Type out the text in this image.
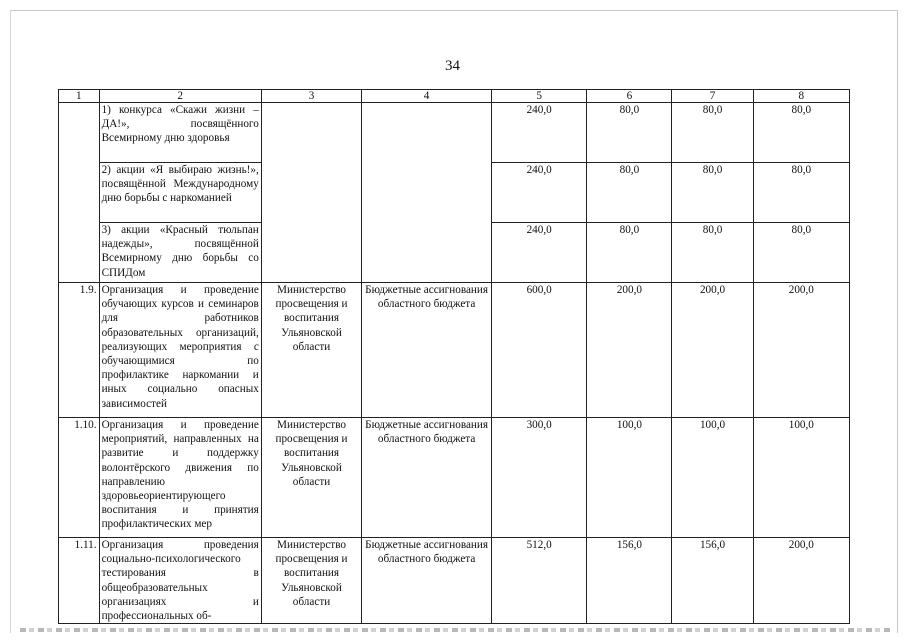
34
1	2	3	4	5	6	7	8
	1) конкурса «Скажи жизни – ДА!», посвящённого Всемирному дню здоровья			240,0	80,0	80,0	80,0
	2) акции «Я выбираю жизнь!», посвящённой Международному дню борьбы с наркоманией			240,0	80,0	80,0	80,0
	3) акции «Красный тюльпан надежды», посвящённой Всемирному дню борьбы со СПИДом			240,0	80,0	80,0	80,0
1.9.	Организация и проведение обучающих курсов и семинаров для работников образовательных организаций, реализующих мероприятия с обучающимися по профилактике наркомании и иных социально опасных зависимостей	Министерство просвещения и воспитания Ульяновской области	Бюджетные ассигнования областного бюджета	600,0	200,0	200,0	200,0
1.10.	Организация и проведение мероприятий, направленных на развитие и поддержку волонтёрского движения по направлению здоровьеориентирующего воспитания и принятия профилактических мер	Министерство просвещения и воспитания Ульяновской области	Бюджетные ассигнования областного бюджета	300,0	100,0	100,0	100,0
1.11.	Организация проведения социально-психологического тестирования в общеобразовательных организациях и профессиональных об-	Министерство просвещения и воспитания Ульяновской области	Бюджетные ассигнования областного бюджета	512,0	156,0	156,0	200,0
